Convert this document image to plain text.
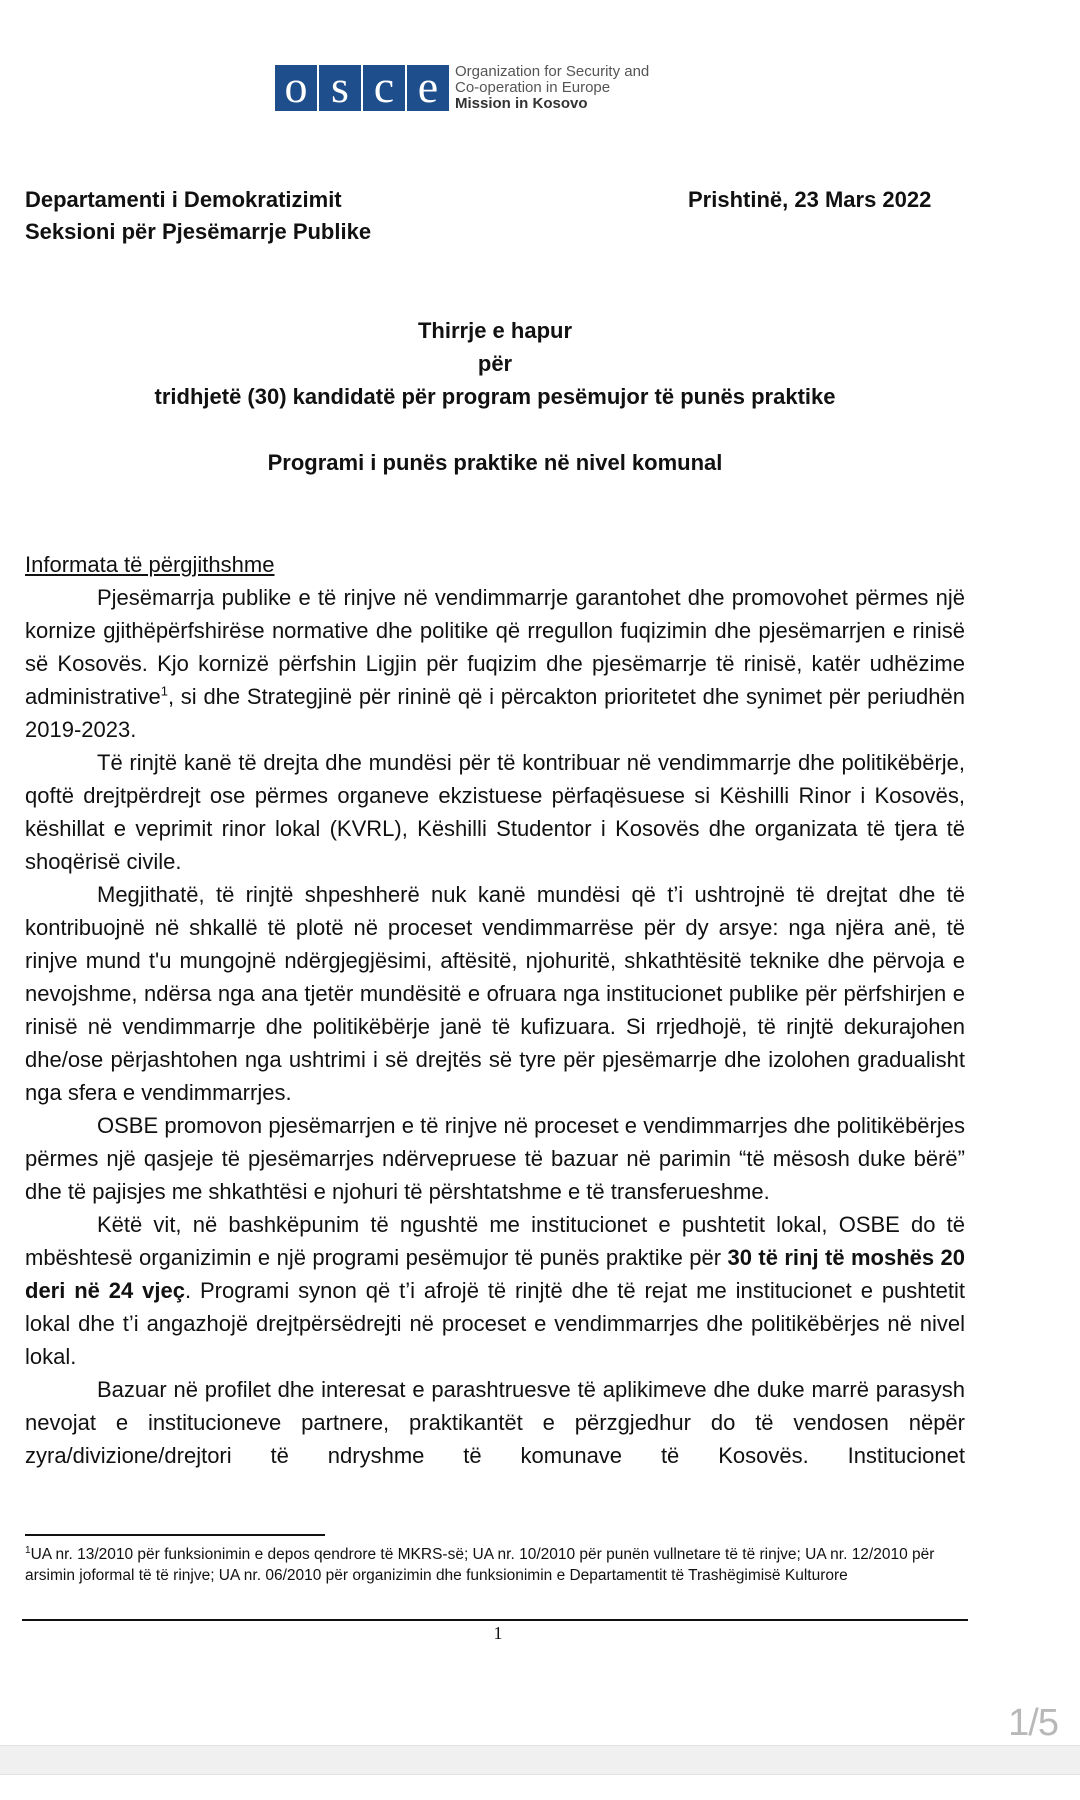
o s c e	Organization for Security and
Co-operation in Europe
Mission in Kosovo
Departamenti i Demokratizimit
Seksioni për Pjesëmarrje Publike
Prishtinë, 23 Mars 2022
Thirrje e hapur
për
tridhjetë (30) kandidatë për program pesëmujor të punës praktike
Programi i punës praktike në nivel komunal
Informata të përgjithshme

Pjesëmarrja publike e të rinjve në vendimmarrje garantohet dhe promovohet përmes një kornize gjithëpërfshirëse normative dhe politike që rregullon fuqizimin dhe pjesëmarrjen e rinisë së Kosovës. Kjo kornizë përfshin Ligjin për fuqizim dhe pjesëmarrje të rinisë, katër udhëzime administrative$^1$, si dhe Strategjinë për rininë që i përcakton prioritetet dhe synimet për periudhën 2019-2023.

Të rinjtë kanë të drejta dhe mundësi për të kontribuar në vendimmarrje dhe politikëbërje, qoftë drejtpërdrejt ose përmes organeve ekzistuese përfaqësuese si Këshilli Rinor i Kosovës, këshillat e veprimit rinor lokal (KVRL), Këshilli Studentor i Kosovës dhe organizata të tjera të shoqërisë civile.

Megjithatë, të rinjtë shpeshherë nuk kanë mundësi që t’i ushtrojnë të drejtat dhe të kontribuojnë në shkallë të plotë në proceset vendimmarrëse për dy arsye: nga njëra anë, të rinjve mund t'u mungojnë ndërgjegjësimi, aftësitë, njohuritë, shkathtësitë teknike dhe përvoja e nevojshme, ndërsa nga ana tjetër mundësitë e ofruara nga institucionet publike për përfshirjen e rinisë në vendimmarrje dhe politikëbërje janë të kufizuara. Si rrjedhojë, të rinjtë dekurajohen dhe/ose përjashtohen nga ushtrimi i së drejtës së tyre për pjesëmarrje dhe izolohen gradualisht nga sfera e vendimmarrjes.

OSBE promovon pjesëmarrjen e të rinjve në proceset e vendimmarrjes dhe politikëbërjes përmes një qasjeje të pjesëmarrjes ndërvepruese të bazuar në parimin “të mësosh duke bërë” dhe të pajisjes me shkathtësi e njohuri të përshtatshme e të transferueshme.

Këtë vit, në bashkëpunim të ngushtë me institucionet e pushtetit lokal, OSBE do të mbështesë organizimin e një programi pesëmujor të punës praktike për 30 të rinj të moshës 20 deri në 24 vjeç. Programi synon që t’i afrojë të rinjtë dhe të rejat me institucionet e pushtetit lokal dhe t’i angazhojë drejtpërsëdrejti në proceset e vendimmarrjes dhe politikëbërjes në nivel lokal.

Bazuar në profilet dhe interesat e parashtruesve të aplikimeve dhe duke marrë parasysh nevojat e institucioneve partnere, praktikantët e përzgjedhur do të vendosen nëpër zyra/divizione/drejtori të ndryshme të komunave të Kosovës. Institucionet

$^1$UA nr. 13/2010 për funksionimin e depos qendrore të MKRS-së; UA nr. 10/2010 për punën vullnetare të të rinjve; UA nr. 12/2010 për arsimin joformal të të rinjve; UA nr. 06/2010 për organizimin dhe funksionimin e Departamentit të Trashëgimisë Kulturore
1
1/5
